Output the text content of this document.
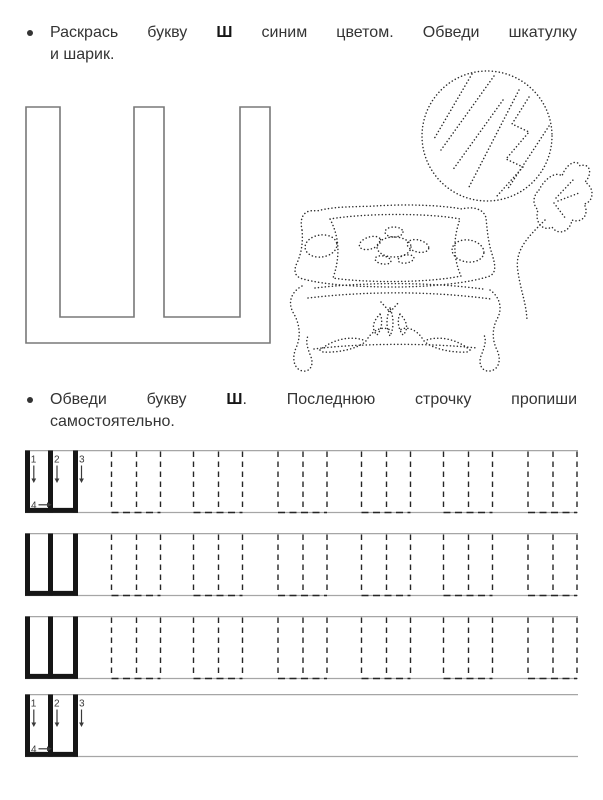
Раскрась букву Ш синим цветом. Обведи шкатулку
и шарик.
Обведи букву Ш. Последнюю строчку пропиши
самостоятельно.
1 2 3
4
1 2 3
4
